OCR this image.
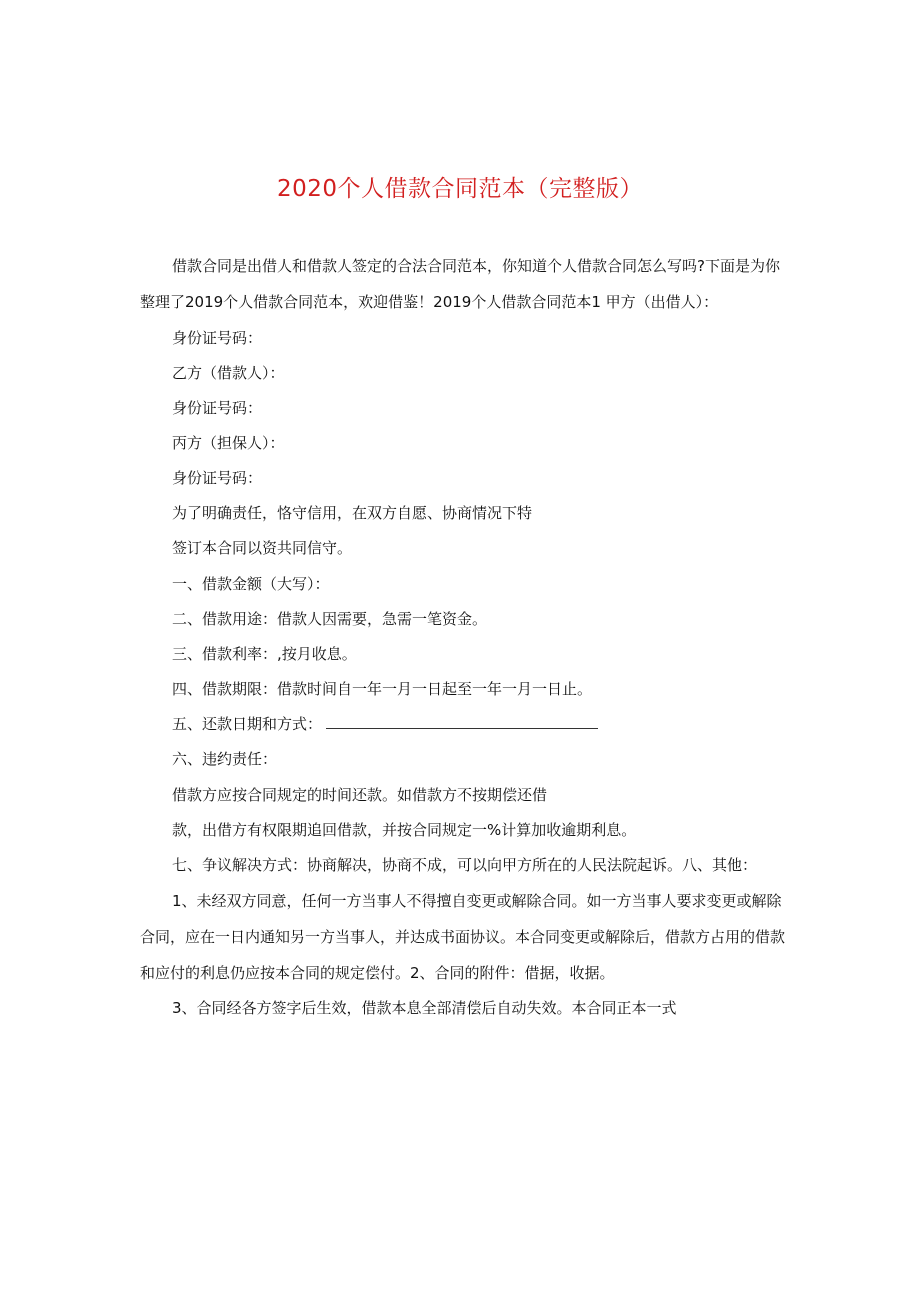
2020个人借款合同范本（完整版）
借款合同是出借人和借款人签定的合法合同范本，你知道个人借款合同怎么写吗?下面是为你整理了2019个人借款合同范本，欢迎借鉴！2019个人借款合同范本1 甲方（出借人）：
身份证号码：
乙方（借款人）：
身份证号码：
丙方（担保人）：
身份证号码：
为了明确责任，恪守信用，在双方自愿、协商情况下特
签订本合同以资共同信守。
一、借款金额（大写）：
二、借款用途：借款人因需要，急需一笔资金。
三、借款利率：,按月收息。
四、借款期限：借款时间自一年一月一日起至一年一月一日止。
五、还款日期和方式：
六、违约责任：
借款方应按合同规定的时间还款。如借款方不按期偿还借
款，出借方有权限期追回借款，并按合同规定一%计算加收逾期利息。
七、争议解决方式：协商解决，协商不成，可以向甲方所在的人民法院起诉。八、其他：
1、未经双方同意，任何一方当事人不得擅自变更或解除合同。如一方当事人要求变更或解除合同，应在一日内通知另一方当事人，并达成书面协议。本合同变更或解除后，借款方占用的借款和应付的利息仍应按本合同的规定偿付。2、合同的附件：借据，收据。
3、合同经各方签字后生效，借款本息全部清偿后自动失效。本合同正本一式
